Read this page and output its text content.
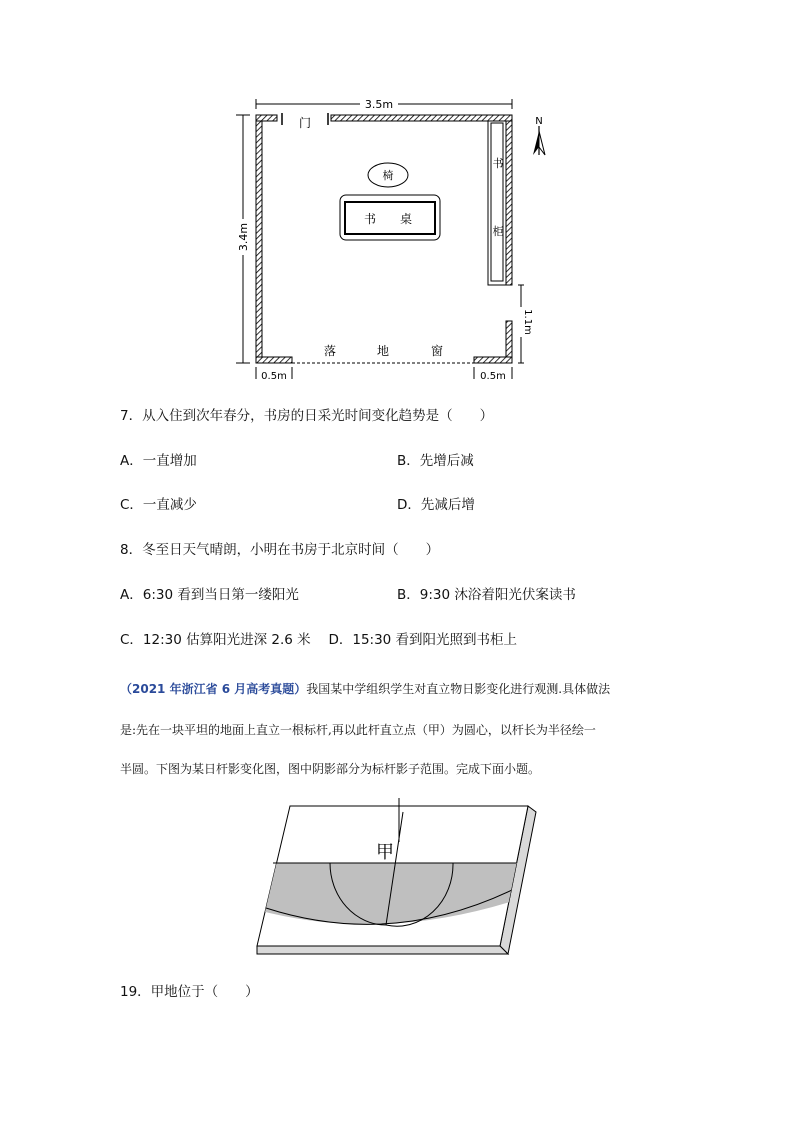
3.5m
3.4m
门
椅
书 桌
书
柜
落	地	窗
1.1m
0.5m	0.5m
N
7．从入住到次年春分，书房的日采光时间变化趋势是（　　）
A．一直增加	B．先增后减
C．一直减少	D．先减后增
8．冬至日天气晴朗，小明在书房于北京时间（　　）
A．6:30 看到当日第一缕阳光	B．9:30 沐浴着阳光伏案读书
C．12:30 估算阳光进深 2.6 米　 D．15:30 看到阳光照到书柜上
（2021 年浙江省 6 月高考真题）我国某中学组织学生对直立物日影变化进行观测.具体做法
是:先在一块平坦的地面上直立一根标杆,再以此杆直立点（甲）为圆心，以杆长为半径绘一
半圆。下图为某日杆影变化图，图中阴影部分为标杆影子范围。完成下面小题。
甲
19．甲地位于（　　）
